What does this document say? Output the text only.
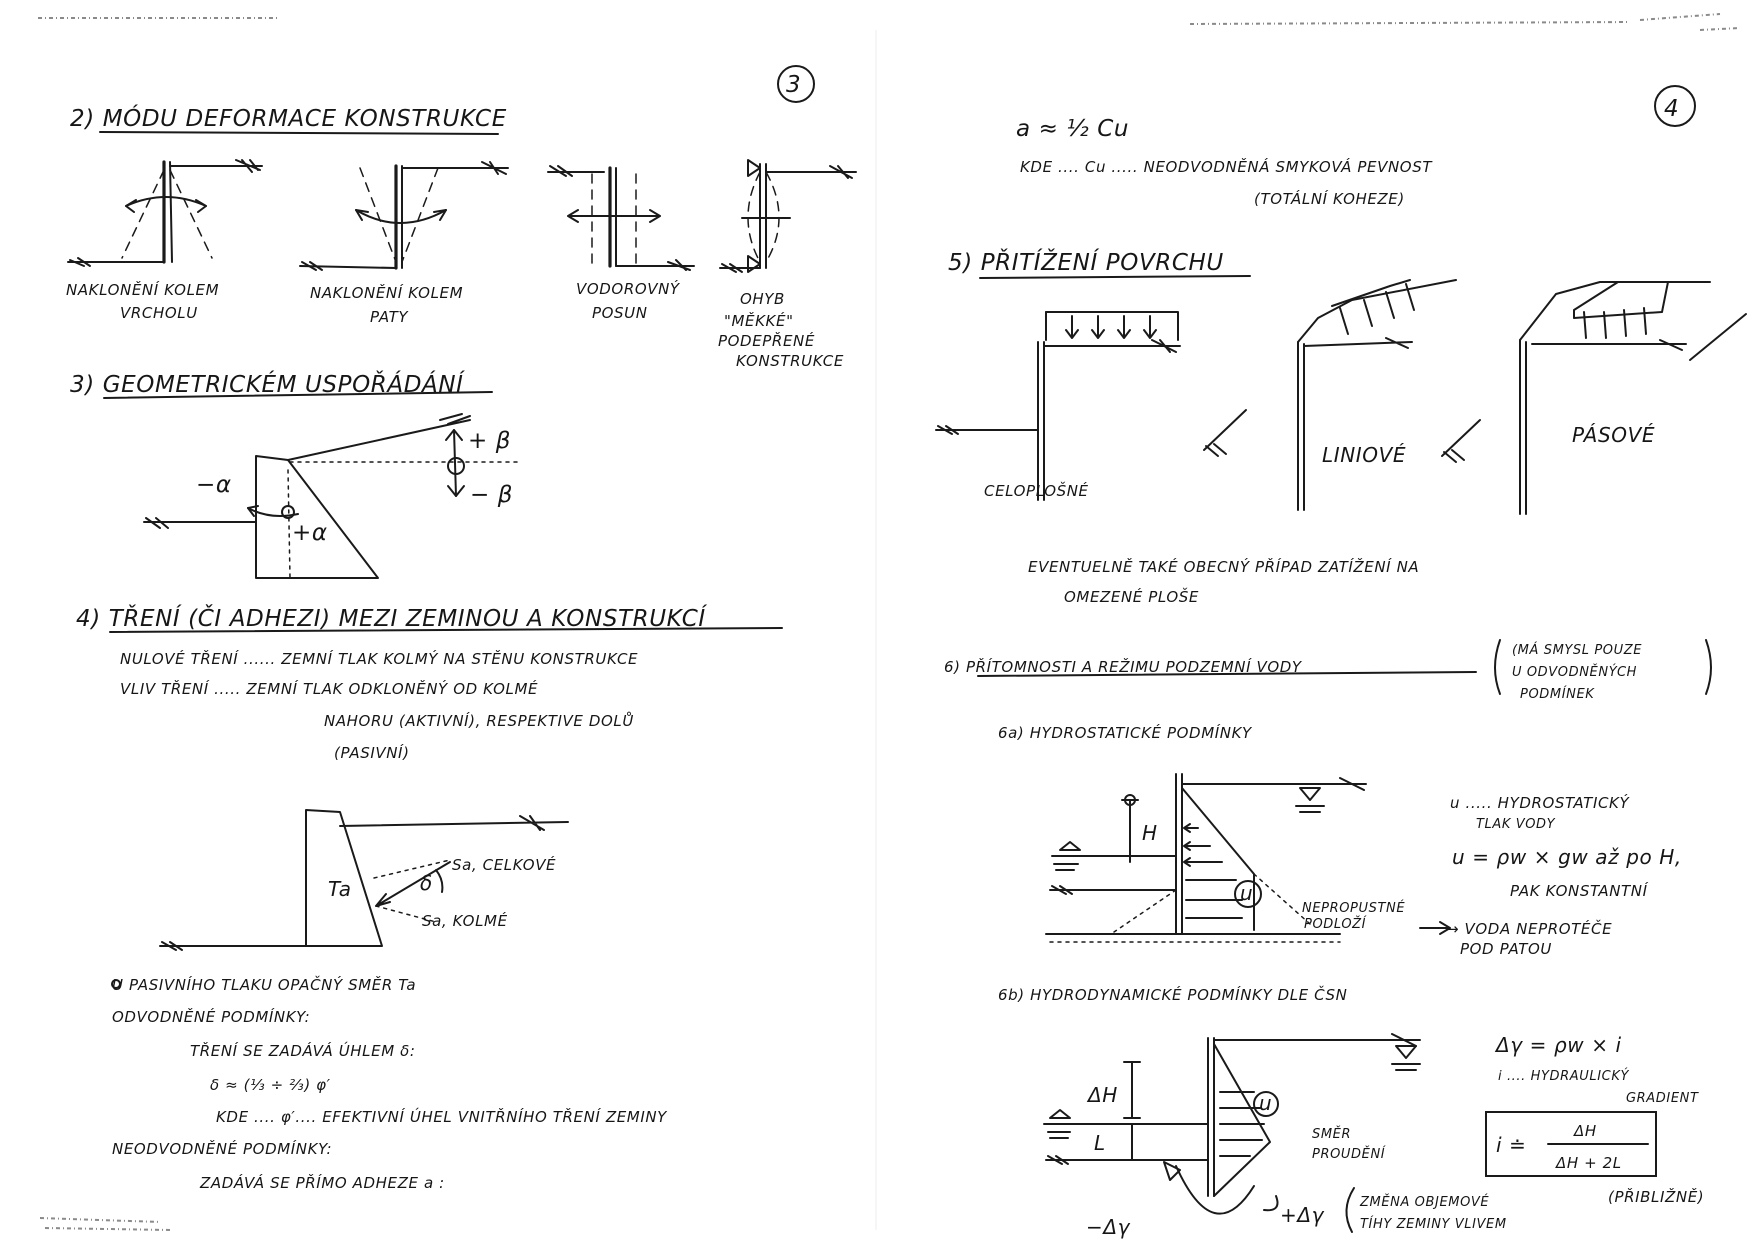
3
2) MÓDU DEFORMACE KONSTRUKCE
NAKLONĚNÍ KOLEM
VRCHOLU
NAKLONĚNÍ KOLEM
PATY
VODOROVNÝ
POSUN
OHYB
"MĚKKÉ"
PODEPŘENÉ
KONSTRUKCE
3) GEOMETRICKÉM USPOŘÁDÁNÍ
−α
+α
+ β
− β
4) TŘENÍ (ČI ADHEZI) MEZI ZEMINOU A KONSTRUKCÍ
NULOVÉ TŘENÍ ...... ZEMNÍ TLAK KOLMÝ NA STĚNU KONSTRUKCE
VLIV TŘENÍ ..... ZEMNÍ TLAK ODKLONĚNÝ OD KOLMÉ
NAHORU (AKTIVNÍ), RESPEKTIVE DOLŮ
(PASIVNÍ)
Ta	δ
Sa, CELKOVÉ
Sa, KOLMÉ
U PASIVNÍHO TLAKU OPAČNÝ SMĚR Ta
ODVODNĚNÉ PODMÍNKY:
TŘENÍ SE ZADÁVÁ ÚHLEM δ:
δ ≈ (⅓ ÷ ⅔) φ′
KDE .... φ′.... EFEKTIVNÍ ÚHEL VNITŘNÍHO TŘENÍ ZEMINY
NEODVODNĚNÉ PODMÍNKY:
ZADÁVÁ SE PŘÍMO ADHEZE a :
4
a ≈ ½ Cu
KDE .... Cu ..... NEODVODNĚNÁ SMYKOVÁ PEVNOST
(TOTÁLNÍ KOHEZE)
5) PŘITÍŽENÍ POVRCHU
CELOPLOŠNÉ
LINIOVÉ
PÁSOVÉ
EVENTUELNĚ TAKÉ OBECNÝ PŘÍPAD ZATÍŽENÍ NA
OMEZENÉ PLOŠE
6) PŘÍTOMNOSTI A REŽIMU PODZEMNÍ VODY
(MÁ SMYSL POUZE
U ODVODNĚNÝCH
PODMÍNEK
6a) HYDROSTATICKÉ PODMÍNKY
H
u
NEPROPUSTNÉ
PODLOŽÍ	→ VODA NEPROTÉČE
POD PATOU
u ..... HYDROSTATICKÝ
TLAK VODY
u = ρw × gw až po H,
PAK KONSTANTNÍ
6b) HYDRODYNAMICKÉ PODMÍNKY DLE ČSN
ΔH
L
u
SMĚR
PROUDĚNÍ
Δγ = ρw × i
i .... HYDRAULICKÝ
GRADIENT
i ≐
ΔH
ΔH + 2L
(PŘIBLIŽNĚ)
−Δγ	+Δγ
ZMĚNA OBJEMOVÉ
TÍHY ZEMINY VLIVEM
